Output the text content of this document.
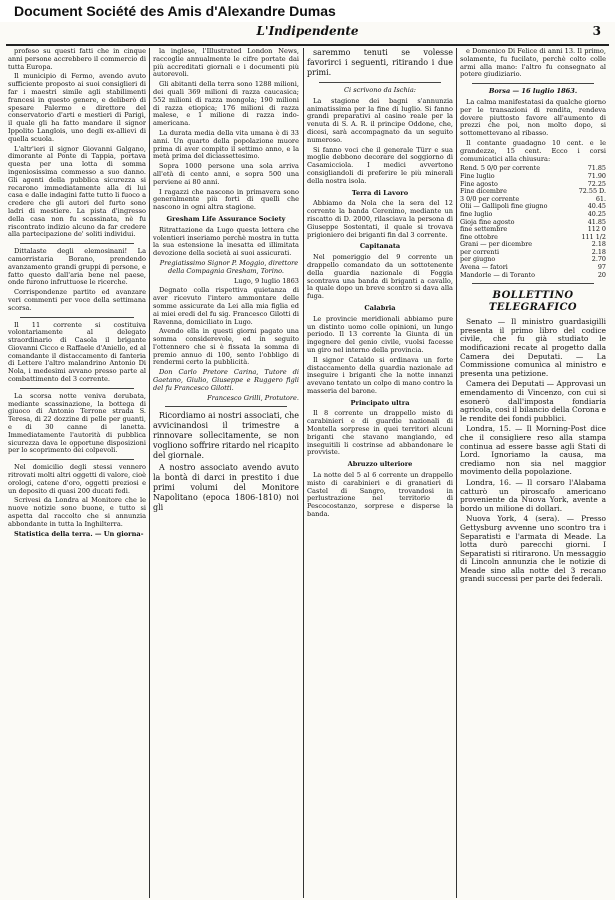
Document Société des Amis d'Alexandre Dumas
L'Indipendente	3

profeso su questi fatti che in cinque anni persone accrebbero il commercio di tutta Europa.

Il municipio di Fermo, avendo avuto sufficiente proposto ai suoi consiglieri di far i maestri simile agli stabilimenti francesi in questo genere, e deliberò di spesare Palermo e direttore del conservatorio d'arti e mestieri di Parigi, il quale gli ha fatto mandare il signor Ippolito Langlois, uno degli ex-allievi di quella scuola.

L'altr'ieri il signor Giovanni Galgano, dimorante al Ponte di Tappia, portava questa per una lotta di somma ingeniosissima commesso a suo danno. Gli agenti della pubblica sicurezza si recarono immediatamente alla di lui casa e dalle indagini fatte tutto li fuoco a credere che gli autori del furto sono ladri di mestiere. La pista d'ingresso della casa non fu scassinata, nè fu riscontrato indizio alcuno da far credere alla partecipazione de' soliti individui.

Dittalaste degli elemosinani! La camorristaria Borano, prendendo avanzamento grandi gruppi di persone, e fatto questo dall'aria bene nel paese, onde furono infruttuose le ricerche.

Corrispondenze partito ed avanzare veri commenti per voce della settimana scorsa.

Il 11 corrente si costituiva volontariamente al delegato straordinario di Casola il brigante Giovanni Cicco e Raffaele d'Aniello, ed al comandante il distaccamento di fanteria di Lettere l'altro malandrino Antonio Di Nola, i medesimi avvano presso parte al combattimento del 3 corrente.

La scorsa notte veniva derubata, mediante scassinazione, la bottega di giuoco di Antonio Terrone strada S. Teresa, di 22 dozzine di pelle per guanti, e di 30 canne di lanetta. Immediatamente l'autorità di pubblica sicurezza dava le opportune disposizioni per lo scoprimento dei colpevoli.

Nel domicilio degli stessi vennero ritrovati molti altri oggetti di valore, cioè orologi, catene d'oro, oggetti preziosi e un deposito di quasi 200 ducati fedi.

Scrivesi da Londra al Monitore che le nuove notizie sono buone, e tutto si aspetta dal raccolto che si annunzia abbondante in tutta la Inghilterra.

Statistica della terra. — Un giorna-

la inglese, l'Illustrated London News, raccoglie annualmente le cifre portate dai più accreditati giornali e i documenti più autorevoli.

Gli abitanti della terra sono 1288 milioni, dei quali 369 milioni di razza caucasica; 552 milioni di razza mongola; 190 milioni di razza etiopica; 176 milioni di razza malese, e 1 milione di razza indo-americana.

La durata media della vita umana è di 33 anni. Un quarto della popolazione muore prima di aver compito il settimo anno, e la metà prima del diciassettesimo.

Sopra 1000 persone una sola arriva all'età di cento anni, e sopra 500 una perviene ai 80 anni.

I ragazzi che nascono in primavera sono generalmente più forti di quelli che nascono in ogni altra stagione.

Gresham Life Assurance Society

Ritrattazione da Lugo questa lettera che volentieri inseriamo perchè mostra in tutta la sua estensione la inesatta ed illimitata devozione della società ai suoi assicurati.

Pregiatissimo Signor P. Moggio, direttore della Compagnia Gresham, Torino.

Lugo, 9 luglio 1863

Degnato colla rispettiva quietanza di aver ricevuto l'intero ammontare delle somme assicurate da Lei alla mia figlia ed ai miei eredi del fu sig. Francesco Gilotti di Ravenna, domiciliato in Lugo.

Avendo ella in questi giorni pagato una somma considerevole, ed in seguito l'ottennero che si è fissata la somma di premio annuo di 100, sento l'obbligo di rendermi certo la pubblicità.

Don Carlo Pretore Carina, Tutore di Gaetano, Giulio, Giuseppe e Ruggero figli del fu Francesco Gilotti.

Francesco Grilli, Protutore.

Ricordiamo ai nostri associati, che avvicinandosi il trimestre a rinnovare sollecitamente, se non vogliono soffrire ritardo nel ricapito del giornale.

A nostro associato avendo avuto la bontà di darci in prestito i due primi volumi del Monitore Napolitano (epoca 1806-1810) noi gli

saremmo tenuti se volesse favorirci i seguenti, ritirando i due primi.

Ci scrivono da Ischia:

La stagione dei bagni s'annunzia animatissima per la fine di luglio. Si fanno grandi preparativi al casino reale per la venuta di S. A. R. il principe Oddone, che, dicesi, sarà accompagnato da un seguito numeroso.

Si fanno voci che il generale Türr e sua moglie debbono decorare del soggiorno di Casamicciola. I medici avvertono consigliandoli di preferire le più minerali della nostra isola.

Terra di Lavoro

Abbiamo da Nola che la sera del 12 corrente la banda Cerenimo, mediante un riscatto di D. 2000, rilasciava la persona di Giuseppe Sostentati, il quale si trovava prigioniero dei briganti fin dal 3 corrente.

Capitanata

Nel pomeriggio del 9 corrente un drappello comandato da un sottotenente della guardia nazionale di Foggia scontrava una banda di briganti a cavallo, la quale dopo un breve scontro si dava alla fuga.

Calabria

Le provincie meridionali abbiamo pure un distinto uomo colle opinioni, un lungo periodo. Il 13 corrente la Giunta di un ingegnere del genio civile, vuolsi facesse un giro nel interno della provincia.

Il signor Cataldo si ordinava un forte distaccamento della guardia nazionale ad inseguire i briganti che la notte innanzi avevano tentato un colpo di mano contro la masseria del barone.

Principato ultra

Il 8 corrente un drappello misto di carabinieri e di guardie nazionali di Montella sorprese in quei territori alcuni briganti che stavano mangiando, ed inseguitili li costrinse ad abbandonare le provviste.

Abruzzo ulteriore

La notte del 5 al 6 corrente un drappello misto di carabinieri e di granatieri di Castel di Sangro, trovandosi in perlustrazione nel territorio di Pescocostanzo, sorprese e disperse la banda.

e Domenico Di Felice di anni 13. Il primo, solamente, fu fucilato, perchè colto colle armi alla mano: l'altro fu consegnato al potere giudiziario.

Borsa — 16 luglio 1863.

La calma manifestatasi da qualche giorno per le transazioni di rendita, rendeva dovere piuttosto favore all'aumento di prezzi che poi, non molto dopo, si sottomettevano al ribasso.

Il contante guadagno 10 cent. e le grandezze, 15 cent. Ecco i corsi comunicatici alla chiusura:

Rend. 5 0/0 per corrente	71.85
Fine luglio	71.90
Fine agosto	72.25
Fine dicembre	72.55 D.
3 0/0 per corrente	61.
Olii — Gallipoli fine giugno	40.45
fine luglio	40.25
Gioja fine agosto	41.85
fine settembre	112 0
fine ottobre	111 1/2
Grani — per dicembre	2.18
per correnti	2.18
per giugno	2.70
Avena — fatori	97
Mandorle — di Toranto	20
BOLLETTINO TELEGRAFICO

Senato — Il ministro guardasigilli presenta il primo libro del codice civile, che fu già studiato le modificazioni recate al progetto dalla Camera dei Deputati. — La Commissione comunica al ministro e presenta una petizione.

Camera dei Deputati — Approvasi un emendamento di Vincenzo, con cui si esonerò dall'imposta fondiaria agricola, così il bilancio della Corona e le rendite dei fondi pubblici.

Londra, 15. — Il Morning-Post dice che il consigliere reso alla stampa continua ad essere basse agli Stati di Lord. Ignoriamo la causa, ma crediamo non sia nel maggior movimento della popolazione.

Londra, 16. — Il corsaro l'Alabama catturò un piroscafo americano proveniente da Nuova York, avente a bordo un milione di dollari.

Nuova York, 4 (sera). — Presso Gettysburg avvenne uno scontro tra i Separatisti e l'armata di Meade. La lotta durò parecchi giorni. I Separatisti si ritirarono. Un messaggio di Lincoln annunzia che le notizie di Meade sino alla notte del 3 recano grandi successi per parte dei federali.
